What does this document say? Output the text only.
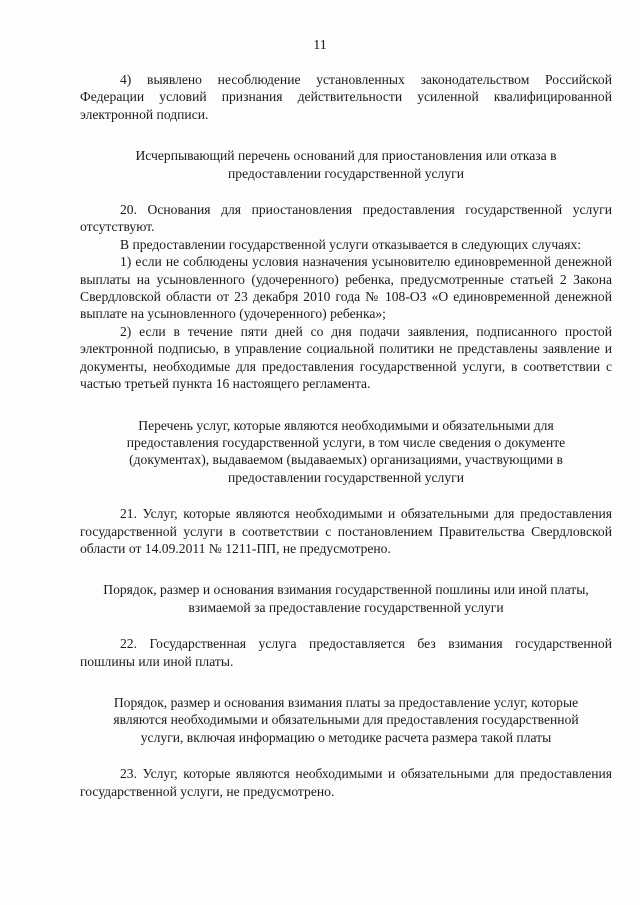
11

4) выявлено несоблюдение установленных законодательством Российской Федерации условий признания действительности усиленной квалифицированной электронной подписи.

Исчерпывающий перечень оснований для приостановления или отказа в предоставлении государственной услуги

20. Основания для приостановления предоставления государственной услуги отсутствуют.

В предоставлении государственной услуги отказывается в следующих случаях:

1) если не соблюдены условия назначения усыновителю единовременной денежной выплаты на усыновленного (удочеренного) ребенка, предусмотренные статьей 2 Закона Свердловской области от 23 декабря 2010 года № 108-ОЗ «О единовременной денежной выплате на усыновленного (удочеренного) ребенка»;

2) если в течение пяти дней со дня подачи заявления, подписанного простой электронной подписью, в управление социальной политики не представлены заявление и документы, необходимые для предоставления государственной услуги, в соответствии с частью третьей пункта 16 настоящего регламента.

Перечень услуг, которые являются необходимыми и обязательными для предоставления государственной услуги, в том числе сведения о документе (документах), выдаваемом (выдаваемых) организациями, участвующими в предоставлении государственной услуги

21. Услуг, которые являются необходимыми и обязательными для предоставления государственной услуги в соответствии с постановлением Правительства Свердловской области от 14.09.2011 № 1211-ПП, не предусмотрено.

Порядок, размер и основания взимания государственной пошлины или иной платы, взимаемой за предоставление государственной услуги

22. Государственная услуга предоставляется без взимания государственной пошлины или иной платы.

Порядок, размер и основания взимания платы за предоставление услуг, которые являются необходимыми и обязательными для предоставления государственной услуги, включая информацию о методике расчета размера такой платы

23. Услуг, которые являются необходимыми и обязательными для предоставления государственной услуги, не предусмотрено.
